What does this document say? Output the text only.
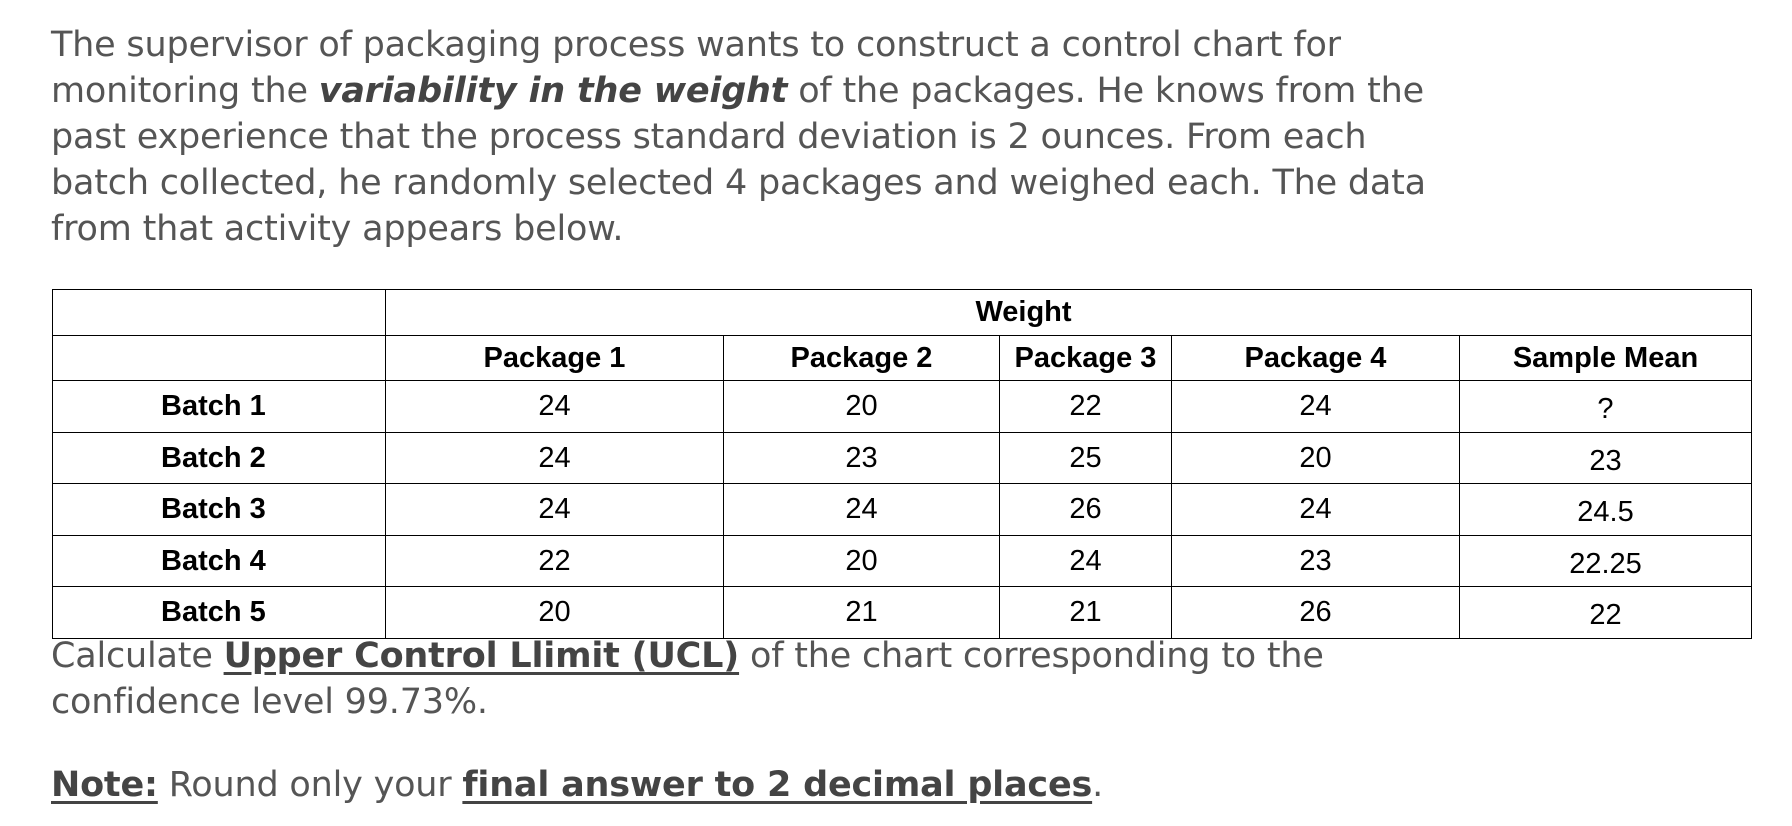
The supervisor of packaging process wants to construct a control chart for monitoring the variability in the weight of the packages. He knows from the past experience that the process standard deviation is 2 ounces. From each batch collected, he randomly selected 4 packages and weighed each. The data from that activity appears below.
	Weight				
	Package 1	Package 2	Package 3	Package 4	Sample Mean
Batch 1	24	20	22	24	?
Batch 2	24	23	25	20	23
Batch 3	24	24	26	24	24.5
Batch 4	22	20	24	23	22.25
Batch 5	20	21	21	26	22
Calculate Upper Control Llimit (UCL) of the chart corresponding to the confidence level 99.73%.
Note: Round only your final answer to 2 decimal places.
